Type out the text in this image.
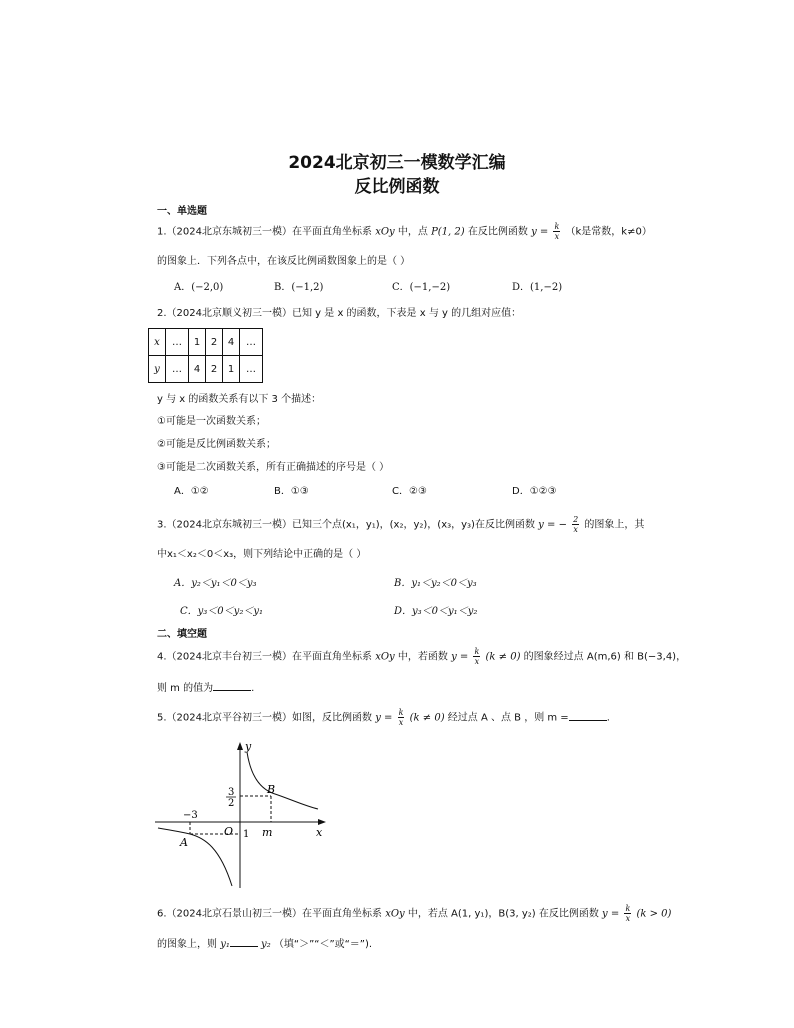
2024北京初三一模数学汇编
反比例函数
一、单选题
1.（2024北京东城初三一模）在平面直角坐标系 xOy 中，点 P(1, 2) 在反比例函数 $y = \frac{k}{x} (k$是常数，k≠0）
的图象上．下列各点中，在该反比例函数图象上的是（ ）
A．(−2,0)	B．(−1,2)	C．(−1,−2)	D．(1,−2)
2.（2024北京顺义初三一模）已知 y 是 x 的函数，下表是 x 与 y 的几组对应值：
x	…	1	2	4	…
y	…	4	2	1	…
y 与 x 的函数关系有以下 3 个描述：
①可能是一次函数关系；
②可能是反比例函数关系；
③可能是二次函数关系，所有正确描述的序号是（ ）
A．①②	B．①③	C．②③	D．①②③
3.（2024北京东城初三一模）已知三个点(x₁，y₁)，(x₂，y₂)，(x₃，y₃)在反比例函数 y = − $\frac{2}{x}$ 的图象上，其
中x₁＜x₂＜0＜x₃，则下列结论中正确的是（ ）
A．y₂＜y₁＜0＜y₃	B．y₁＜y₂＜0＜y₃
C．y₃＜0＜y₂＜y₁	D．y₃＜0＜y₁＜y₂
二、填空题
4.（2024北京丰台初三一模）在平面直角坐标系 xOy 中，若函数 $y = \frac{k}{x} (k \ne 0)$ 的图象经过点 A(m,6) 和 B(−3,4)，
则 m 的值为	.
5.（2024北京平谷初三一模）如图，反比例函数 $y = \frac{k}{x} (k \ne 0)$ 经过点 A 、点 B ，则 m =	.
y
x
O
B
A
m
3
2
−3
1
6.（2024北京石景山初三一模）在平面直角坐标系 xOy 中，若点 A(1, y₁)，B(3, y₂) 在反比例函数 $y = \frac{k}{x} (k > 0)$
的图象上，则 y₁	y₂ （填“＞”“＜”或“＝”).
